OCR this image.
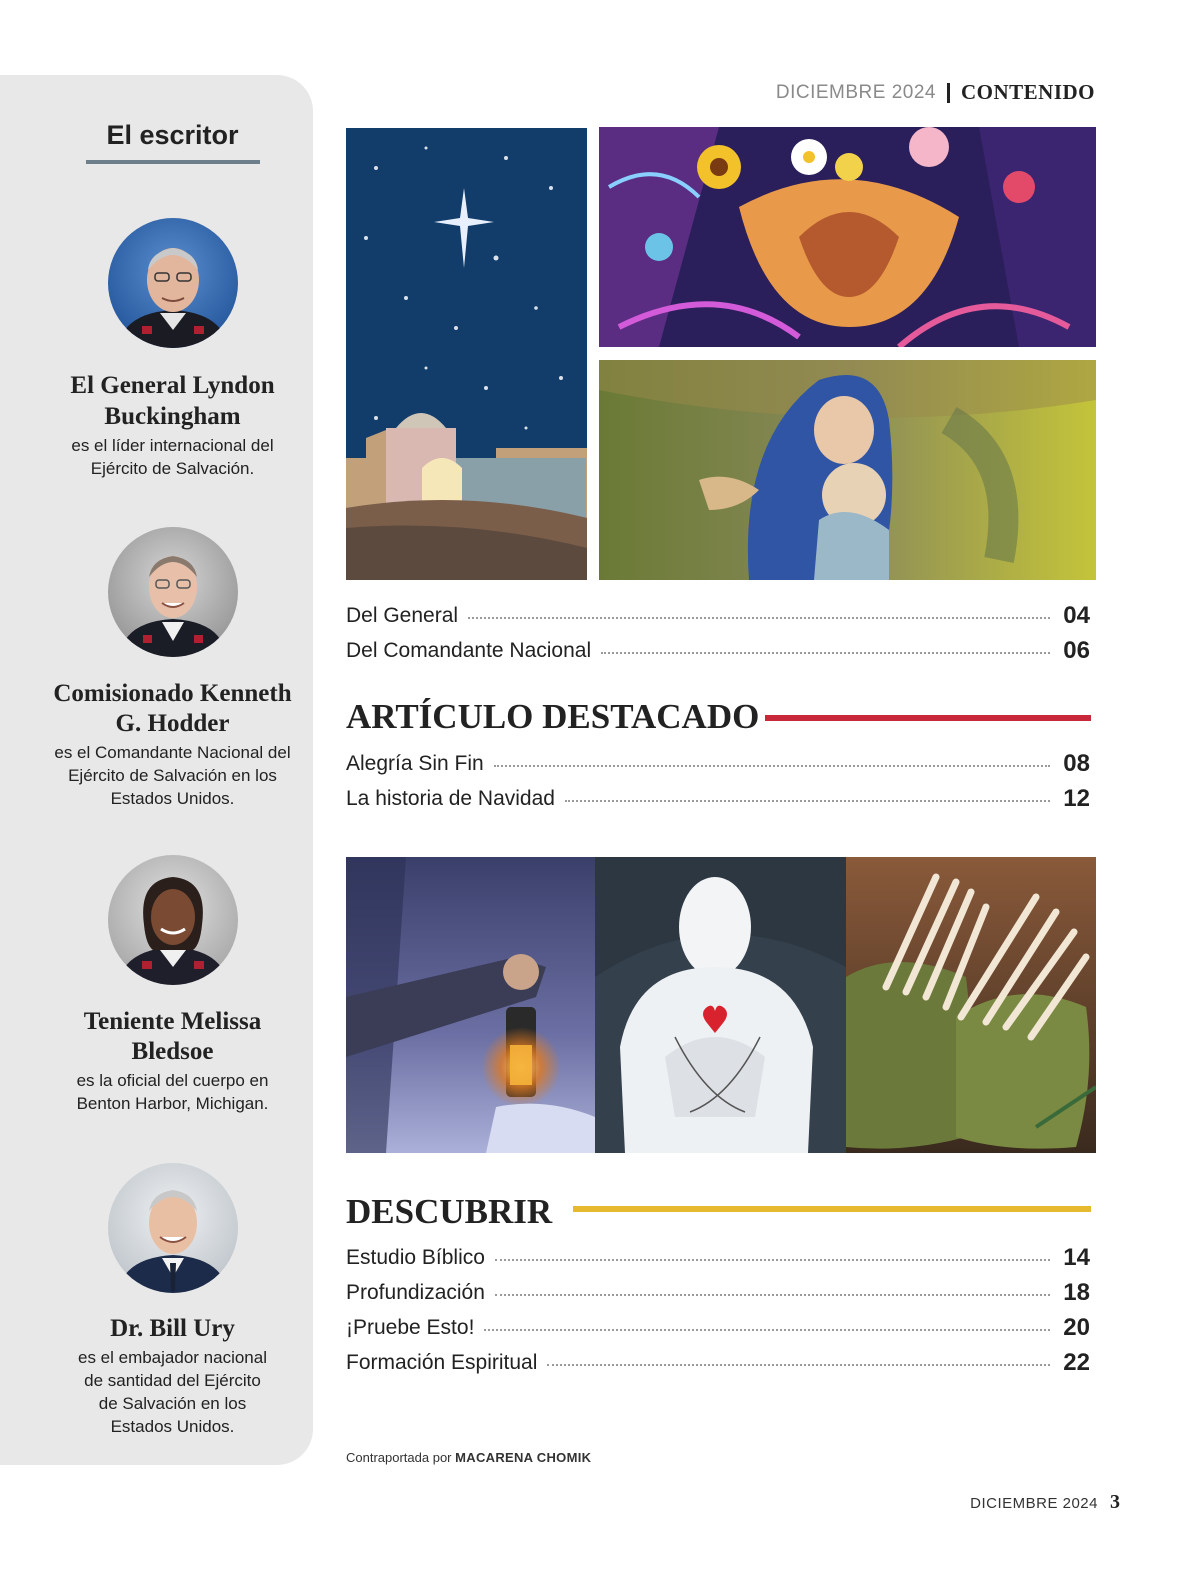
El escritor
El General Lyndon Buckingham
es el líder internacional del Ejército de Salvación.
Comisionado Kenneth G. Hodder
es el Comandante Nacional del Ejército de Salvación en los Estados Unidos.
Teniente Melissa Bledsoe
es la oficial del cuerpo en Benton Harbor, Michigan.
Dr. Bill Ury
es el embajador nacional de santidad del Ejército de Salvación en los Estados Unidos.
DICIEMBRE 2024 CONTENIDO
Del General	04
Del Comandante Nacional	06
ARTÍCULO DESTACADO
Alegría Sin Fin	08
La historia de Navidad	12
DESCUBRIR
Estudio Bíblico	14
Profundización	18
¡Pruebe Esto!	20
Formación Espiritual	22
Contraportada por MACARENA CHOMIK
DICIEMBRE 2024 3
